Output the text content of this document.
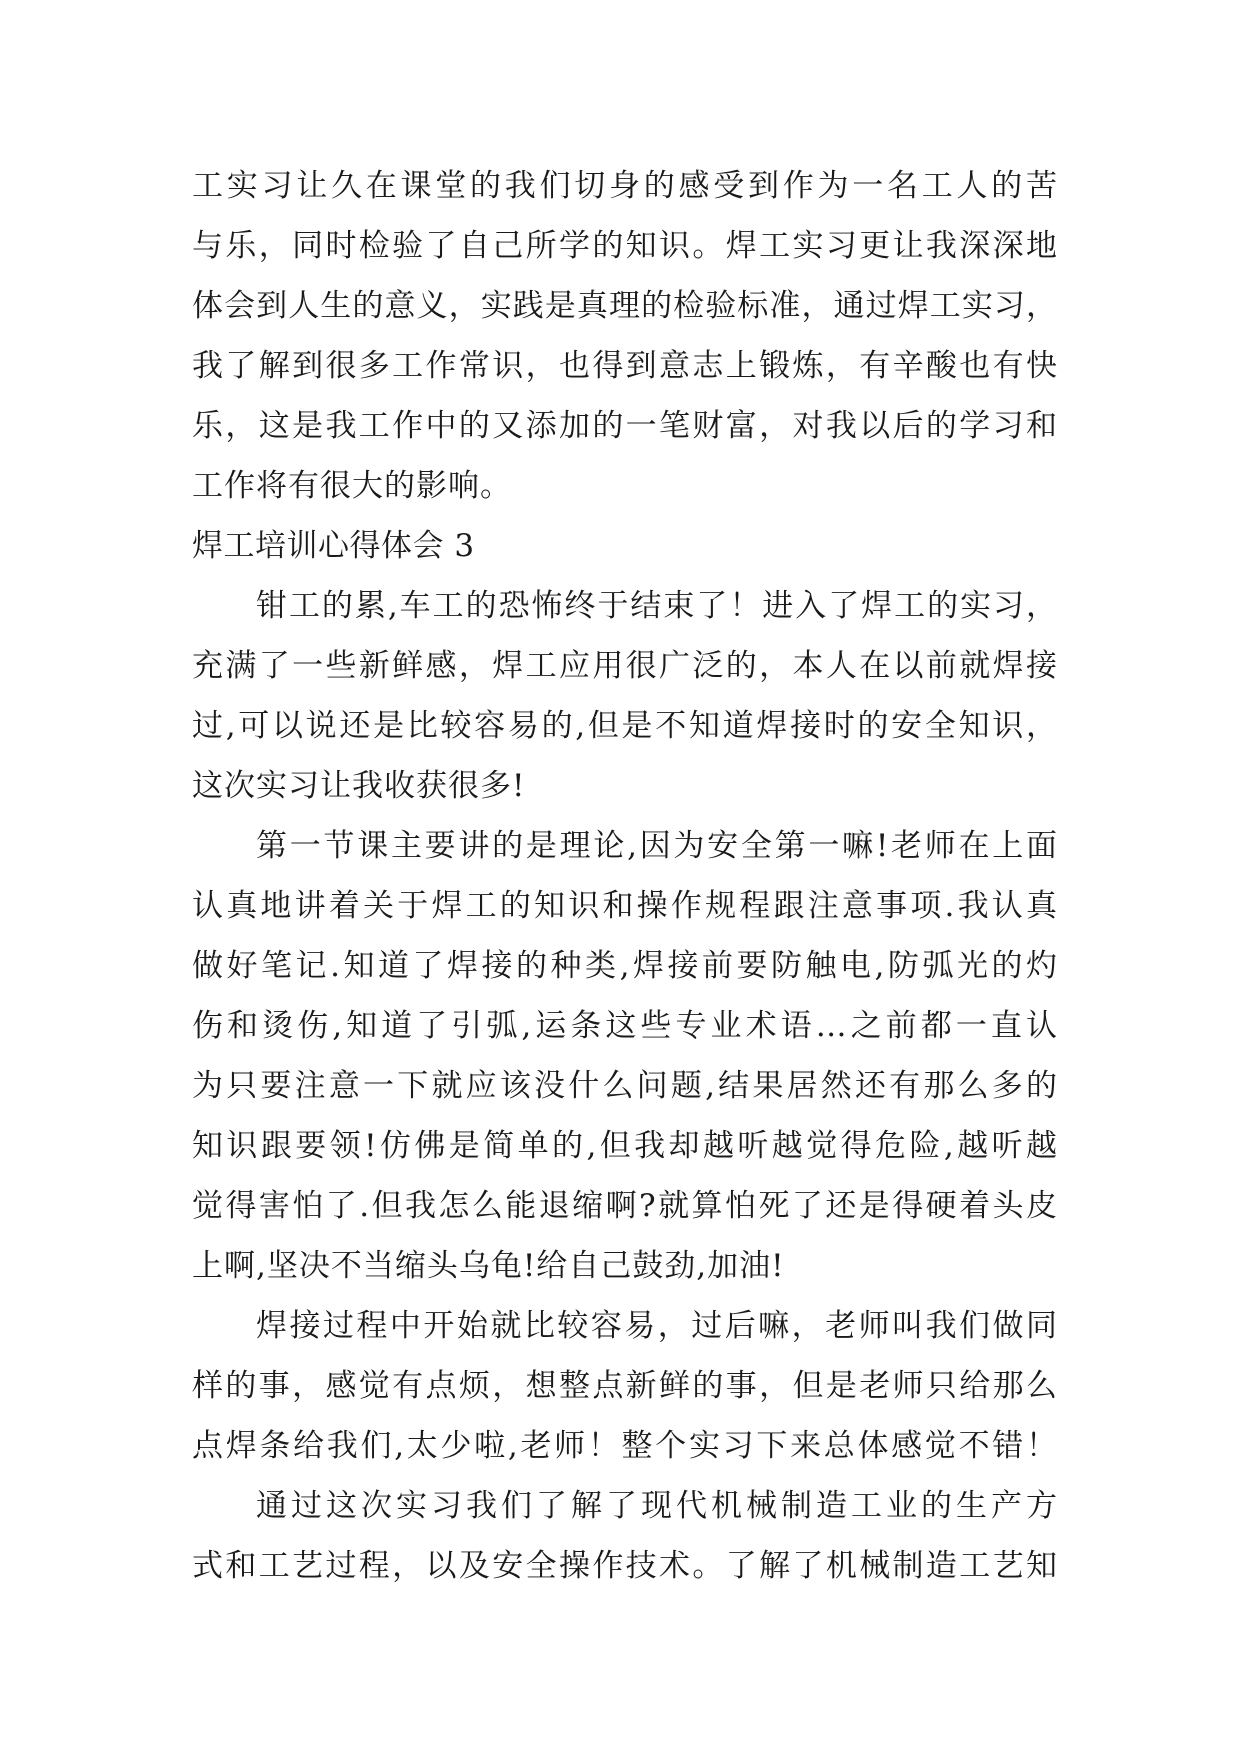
工实习让久在课堂的我们切身的感受到作为一名工人的苦
与乐，同时检验了自己所学的知识。焊工实习更让我深深地
体会到人生的意义，实践是真理的检验标准，通过焊工实习，
我了解到很多工作常识，也得到意志上锻炼，有辛酸也有快
乐，这是我工作中的又添加的一笔财富，对我以后的学习和
工作将有很大的影响。
焊工培训心得体会 3
钳工的累,车工的恐怖终于结束了！进入了焊工的实习，
充满了一些新鲜感，焊工应用很广泛的，本人在以前就焊接
过,可以说还是比较容易的,但是不知道焊接时的安全知识，
这次实习让我收获很多!
第一节课主要讲的是理论,因为安全第一嘛!老师在上面
认真地讲着关于焊工的知识和操作规程跟注意事项.我认真
做好笔记.知道了焊接的种类,焊接前要防触电,防弧光的灼
伤和烫伤,知道了引弧,运条这些专业术语…之前都一直认
为只要注意一下就应该没什么问题,结果居然还有那么多的
知识跟要领!仿佛是简单的,但我却越听越觉得危险,越听越
觉得害怕了.但我怎么能退缩啊?就算怕死了还是得硬着头皮
上啊,坚决不当缩头乌龟!给自己鼓劲,加油!
焊接过程中开始就比较容易，过后嘛，老师叫我们做同
样的事，感觉有点烦，想整点新鲜的事，但是老师只给那么
点焊条给我们,太少啦,老师！整个实习下来总体感觉不错！
通过这次实习我们了解了现代机械制造工业的生产方
式和工艺过程，以及安全操作技术。了解了机械制造工艺知
